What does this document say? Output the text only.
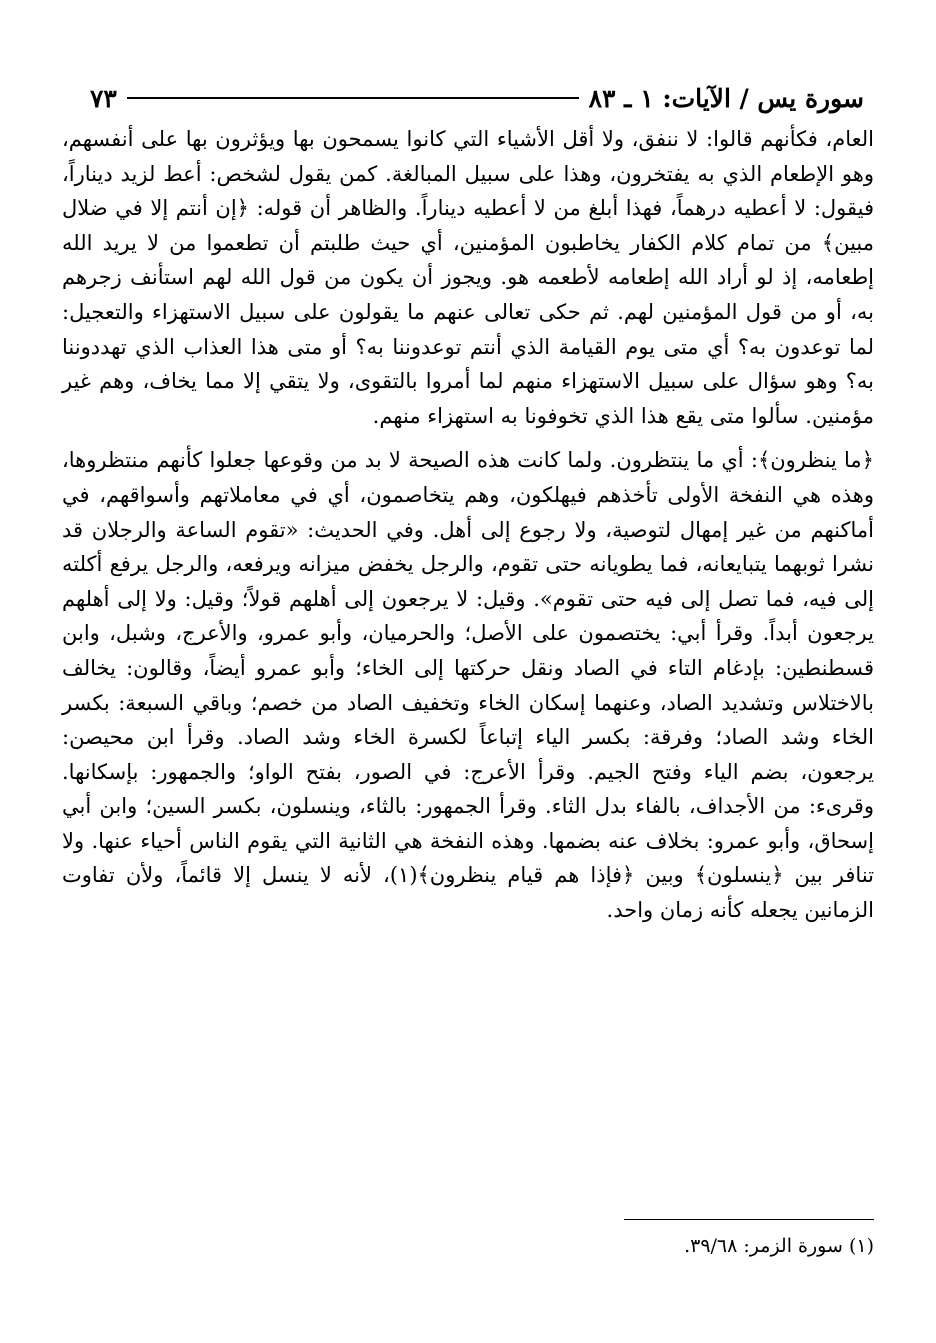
سورة يس / الآيات: ١ ـ ٨٣
٧٣

العام، فكأنهم قالوا: لا ننفق، ولا أقل الأشياء التي كانوا يسمحون بها ويؤثرون بها على أنفسهم، وهو الإطعام الذي به يفتخرون، وهذا على سبيل المبالغة. كمن يقول لشخص: أعط لزيد ديناراً، فيقول: لا أعطيه درهماً، فهذا أبلغ من لا أعطيه ديناراً. والظاهر أن قوله: ﴿إن أنتم إلا في ضلال مبين﴾ من تمام كلام الكفار يخاطبون المؤمنين، أي حيث طلبتم أن تطعموا من لا يريد الله إطعامه، إذ لو أراد الله إطعامه لأطعمه هو. ويجوز أن يكون من قول الله لهم استأنف زجرهم به، أو من قول المؤمنين لهم. ثم حكى تعالى عنهم ما يقولون على سبيل الاستهزاء والتعجيل: لما توعدون به؟ أي متى يوم القيامة الذي أنتم توعدوننا به؟ أو متى هذا العذاب الذي تهددوننا به؟ وهو سؤال على سبيل الاستهزاء منهم لما أمروا بالتقوى، ولا يتقي إلا مما يخاف، وهم غير مؤمنين. سألوا متى يقع هذا الذي تخوفونا به استهزاء منهم.

﴿ما ينظرون﴾: أي ما ينتظرون. ولما كانت هذه الصيحة لا بد من وقوعها جعلوا كأنهم منتظروها، وهذه هي النفخة الأولى تأخذهم فيهلكون، وهم يتخاصمون، أي في معاملاتهم وأسواقهم، في أماكنهم من غير إمهال لتوصية، ولا رجوع إلى أهل. وفي الحديث: «تقوم الساعة والرجلان قد نشرا ثوبهما يتبايعانه، فما يطويانه حتى تقوم، والرجل يخفض ميزانه ويرفعه، والرجل يرفع أكلته إلى فيه، فما تصل إلى فيه حتى تقوم». وقيل: لا يرجعون إلى أهلهم قولاً؛ وقيل: ولا إلى أهلهم يرجعون أبداً. وقرأ أبي: يختصمون على الأصل؛ والحرميان، وأبو عمرو، والأعرج، وشبل، وابن قسطنطين: بإدغام التاء في الصاد ونقل حركتها إلى الخاء؛ وأبو عمرو أيضاً، وقالون: يخالف بالاختلاس وتشديد الصاد، وعنهما إسكان الخاء وتخفيف الصاد من خصم؛ وباقي السبعة: بكسر الخاء وشد الصاد؛ وفرقة: بكسر الياء إتباعاً لكسرة الخاء وشد الصاد. وقرأ ابن محيصن: يرجعون، بضم الياء وفتح الجيم. وقرأ الأعرج: في الصور، بفتح الواو؛ والجمهور: بإسكانها. وقرىء: من الأجداف، بالفاء بدل الثاء. وقرأ الجمهور: بالثاء، وينسلون، بكسر السين؛ وابن أبي إسحاق، وأبو عمرو: بخلاف عنه بضمها. وهذه النفخة هي الثانية التي يقوم الناس أحياء عنها. ولا تنافر بين ﴿ينسلون﴾ وبين ﴿فإذا هم قيام ينظرون﴾(١)، لأنه لا ينسل إلا قائماً، ولأن تفاوت الزمانين يجعله كأنه زمان واحد.

(١) سورة الزمر: ٣٩/٦٨.
